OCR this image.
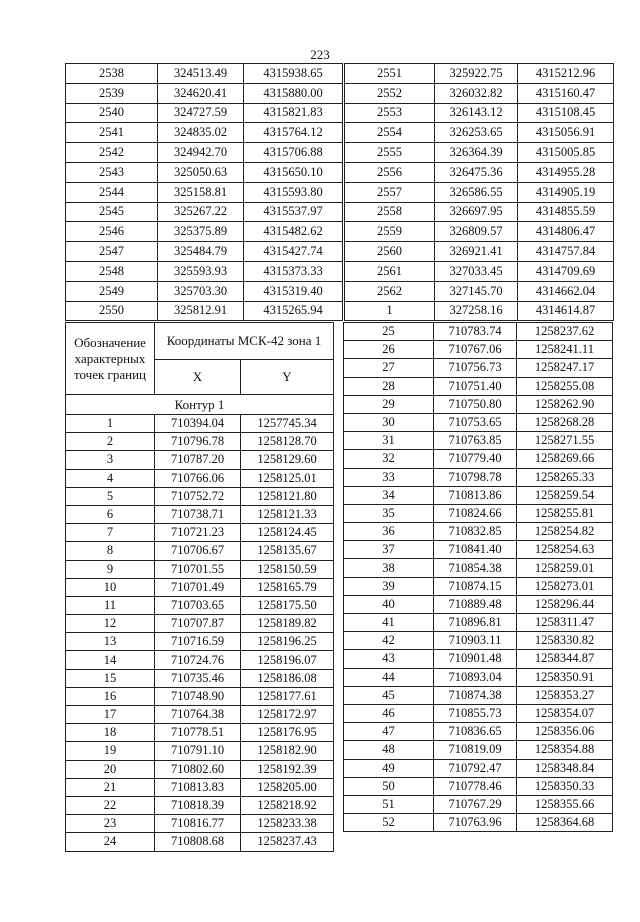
223
2538	324513.49	4315938.65
2539	324620.41	4315880.00
2540	324727.59	4315821.83
2541	324835.02	4315764.12
2542	324942.70	4315706.88
2543	325050.63	4315650.10
2544	325158.81	4315593.80
2545	325267.22	4315537.97
2546	325375.89	4315482.62
2547	325484.79	4315427.74
2548	325593.93	4315373.33
2549	325703.30	4315319.40
2550	325812.91	4315265.94
2551	325922.75	4315212.96
2552	326032.82	4315160.47
2553	326143.12	4315108.45
2554	326253.65	4315056.91
2555	326364.39	4315005.85
2556	326475.36	4314955.28
2557	326586.55	4314905.19
2558	326697.95	4314855.59
2559	326809.57	4314806.47
2560	326921.41	4314757.84
2561	327033.45	4314709.69
2562	327145.70	4314662.04
1	327258.16	4314614.87
Обозначение характерных точек границ	Координаты МСК-42 зона 1	
	X	Y
Контур 1		
1	710394.04	1257745.34
2	710796.78	1258128.70
3	710787.20	1258129.60
4	710766.06	1258125.01
5	710752.72	1258121.80
6	710738.71	1258121.33
7	710721.23	1258124.45
8	710706.67	1258135.67
9	710701.55	1258150.59
10	710701.49	1258165.79
11	710703.65	1258175.50
12	710707.87	1258189.82
13	710716.59	1258196.25
14	710724.76	1258196.07
15	710735.46	1258186.08
16	710748.90	1258177.61
17	710764.38	1258172.97
18	710778.51	1258176.95
19	710791.10	1258182.90
20	710802.60	1258192.39
21	710813.83	1258205.00
22	710818.39	1258218.92
23	710816.77	1258233.38
24	710808.68	1258237.43
25	710783.74	1258237.62
26	710767.06	1258241.11
27	710756.73	1258247.17
28	710751.40	1258255.08
29	710750.80	1258262.90
30	710753.65	1258268.28
31	710763.85	1258271.55
32	710779.40	1258269.66
33	710798.78	1258265.33
34	710813.86	1258259.54
35	710824.66	1258255.81
36	710832.85	1258254.82
37	710841.40	1258254.63
38	710854.38	1258259.01
39	710874.15	1258273.01
40	710889.48	1258296.44
41	710896.81	1258311.47
42	710903.11	1258330.82
43	710901.48	1258344.87
44	710893.04	1258350.91
45	710874.38	1258353.27
46	710855.73	1258354.07
47	710836.65	1258356.06
48	710819.09	1258354.88
49	710792.47	1258348.84
50	710778.46	1258350.33
51	710767.29	1258355.66
52	710763.96	1258364.68
